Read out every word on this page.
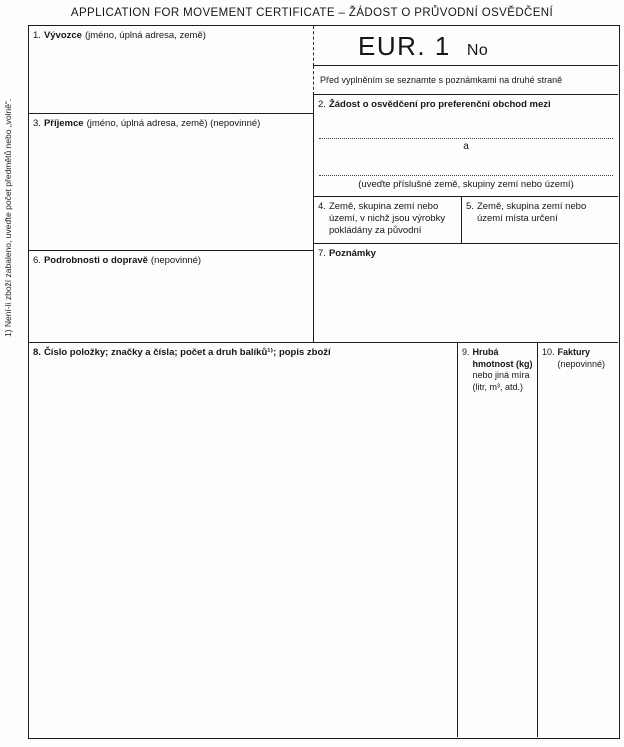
APPLICATION FOR MOVEMENT CERTIFICATE – ŽÁDOST O PRŮVODNÍ OSVĚDČENÍ
1) Není-li zboží zabaleno, uveďte počet předmětů nebo „volně“.
1. Vývozce (jméno, úplná adresa, země)
3. Příjemce (jméno, úplná adresa, země) (nepovinné)
6. Podrobnosti o dopravě (nepovinné)
EUR. 1 No
Před vyplněním se seznamte s poznámkami na druhé straně
2. Žádost o osvědčení pro preferenční obchod mezi
a
(uveďte příslušné země, skupiny zemí nebo území)
4. Země, skupina zemí nebo území, v nichž jsou výrobky pokládány za původní
5. Země, skupina zemí nebo území místa určení
7. Poznámky
8. Číslo položky; značky a čísla; počet a druh balíků¹⁾; popis zboží	9. Hrubá hmotnost (kg)
nebo jiná míra (litr, m³, atd.)
10. Faktury
(nepovinné)
